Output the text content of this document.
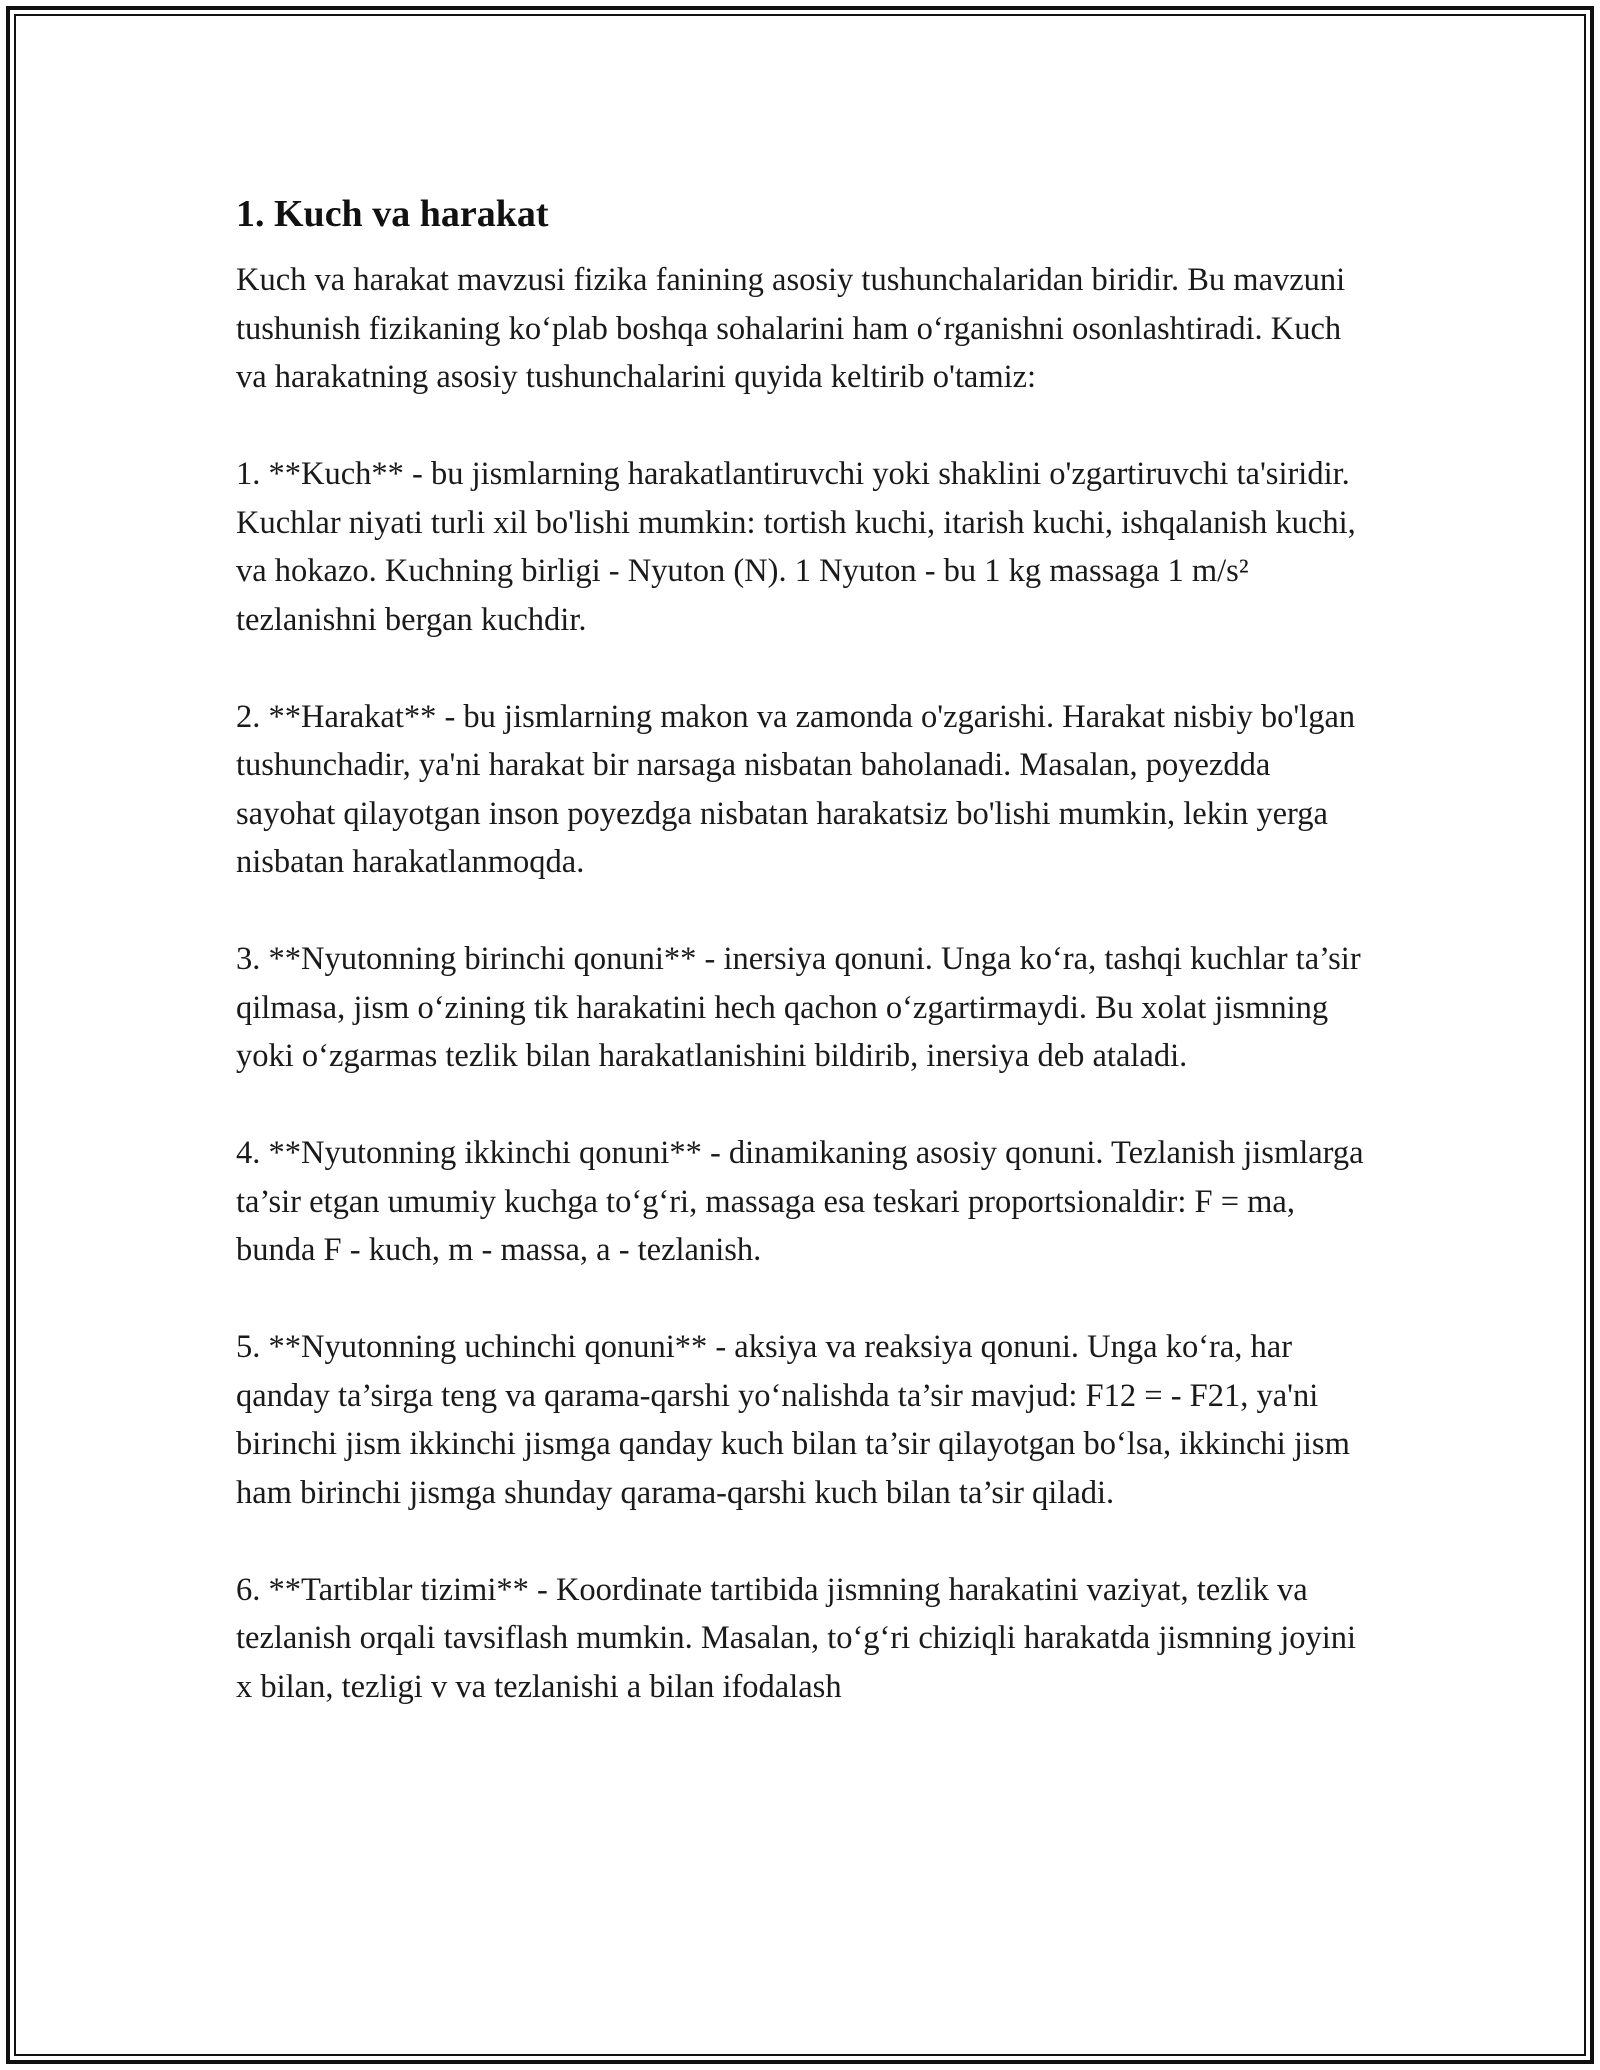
1. Kuch va harakat

Kuch va harakat mavzusi fizika fanining asosiy tushunchalaridan biridir. Bu mavzuni tushunish fizikaning ko‘plab boshqa sohalarini ham o‘rganishni osonlashtiradi. Kuch va harakatning asosiy tushunchalarini quyida keltirib o'tamiz:

1. **Kuch** - bu jismlarning harakatlantiruvchi yoki shaklini o'zgartiruvchi ta'siridir. Kuchlar niyati turli xil bo'lishi mumkin: tortish kuchi, itarish kuchi, ishqalanish kuchi, va hokazo. Kuchning birligi - Nyuton (N). 1 Nyuton - bu 1 kg massaga 1 m/s² tezlanishni bergan kuchdir.

2. **Harakat** - bu jismlarning makon va zamonda o'zgarishi. Harakat nisbiy bo'lgan tushunchadir, ya'ni harakat bir narsaga nisbatan baholanadi. Masalan, poyezdda sayohat qilayotgan inson poyezdga nisbatan harakatsiz bo'lishi mumkin, lekin yerga nisbatan harakatlanmoqda.

3. **Nyutonning birinchi qonuni** - inersiya qonuni. Unga ko‘ra, tashqi kuchlar ta’sir qilmasa, jism o‘zining tik harakatini hech qachon o‘zgartirmaydi. Bu xolat jismning yoki o‘zgarmas tezlik bilan harakatlanishini bildirib, inersiya deb ataladi.

4. **Nyutonning ikkinchi qonuni** - dinamikaning asosiy qonuni. Tezlanish jismlarga ta’sir etgan umumiy kuchga to‘g‘ri, massaga esa teskari proportsionaldir: F = ma, bunda F - kuch, m - massa, a - tezlanish.

5. **Nyutonning uchinchi qonuni** - aksiya va reaksiya qonuni. Unga ko‘ra, har qanday ta’sirga teng va qarama-qarshi yo‘nalishda ta’sir mavjud: F12 = - F21, ya'ni birinchi jism ikkinchi jismga qanday kuch bilan ta’sir qilayotgan bo‘lsa, ikkinchi jism ham birinchi jismga shunday qarama-qarshi kuch bilan ta’sir qiladi.

6. **Tartiblar tizimi** - Koordinate tartibida jismning harakatini vaziyat, tezlik va tezlanish orqali tavsiflash mumkin. Masalan, to‘g‘ri chiziqli harakatda jismning joyini x bilan, tezligi v va tezlanishi a bilan ifodalash
